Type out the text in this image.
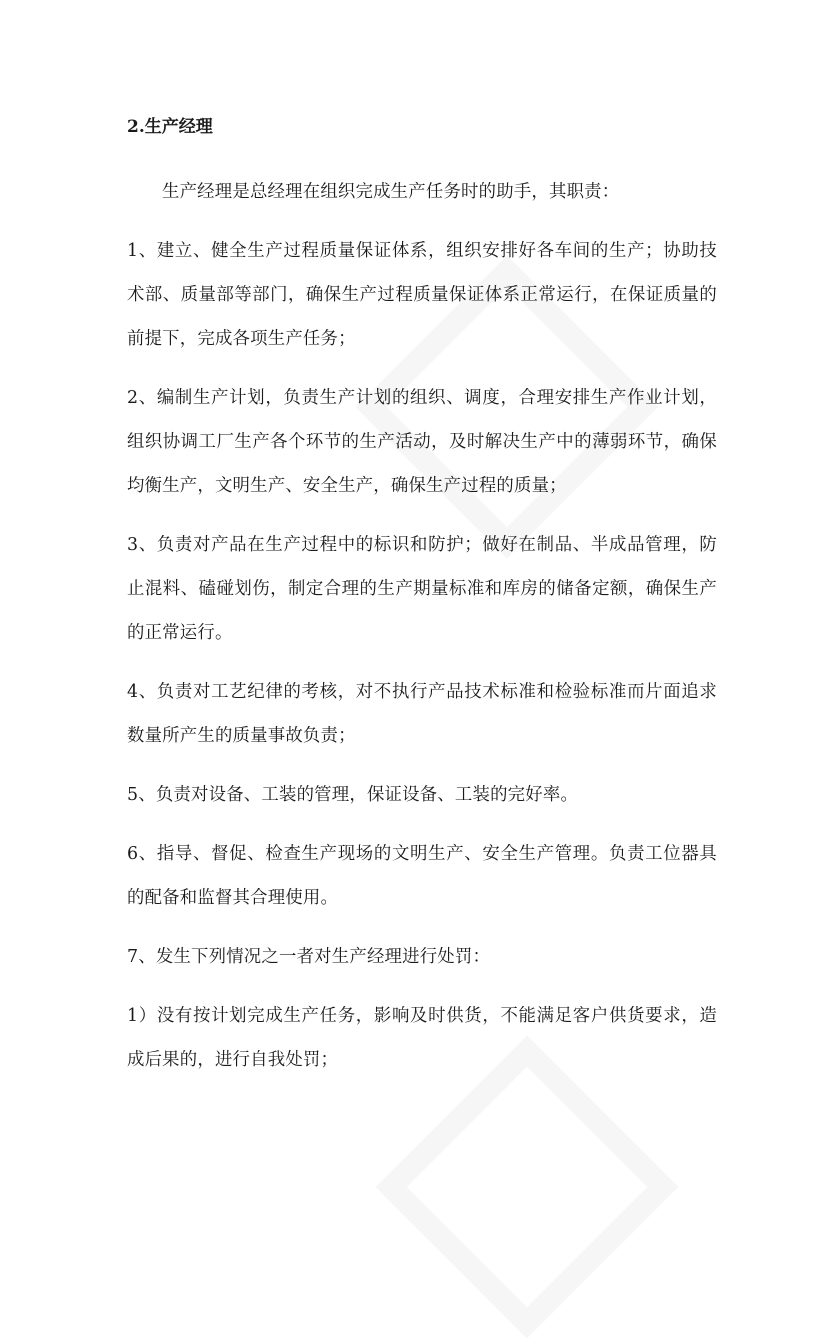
2.生产经理
生产经理是总经理在组织完成生产任务时的助手，其职责：
1、建立、健全生产过程质量保证体系，组织安排好各车间的生产；协助技术部、质量部等部门，确保生产过程质量保证体系正常运行，在保证质量的前提下，完成各项生产任务；
2、编制生产计划，负责生产计划的组织、调度，合理安排生产作业计划，组织协调工厂生产各个环节的生产活动，及时解决生产中的薄弱环节，确保均衡生产，文明生产、安全生产，确保生产过程的质量；
3、负责对产品在生产过程中的标识和防护；做好在制品、半成品管理，防止混料、磕碰划伤，制定合理的生产期量标准和库房的储备定额，确保生产的正常运行。
4、负责对工艺纪律的考核，对不执行产品技术标准和检验标准而片面追求数量所产生的质量事故负责；
5、负责对设备、工装的管理，保证设备、工装的完好率。
6、指导、督促、检查生产现场的文明生产、安全生产管理。负责工位器具的配备和监督其合理使用。
7、发生下列情况之一者对生产经理进行处罚：
1）没有按计划完成生产任务，影响及时供货，不能满足客户供货要求，造成后果的，进行自我处罚；
